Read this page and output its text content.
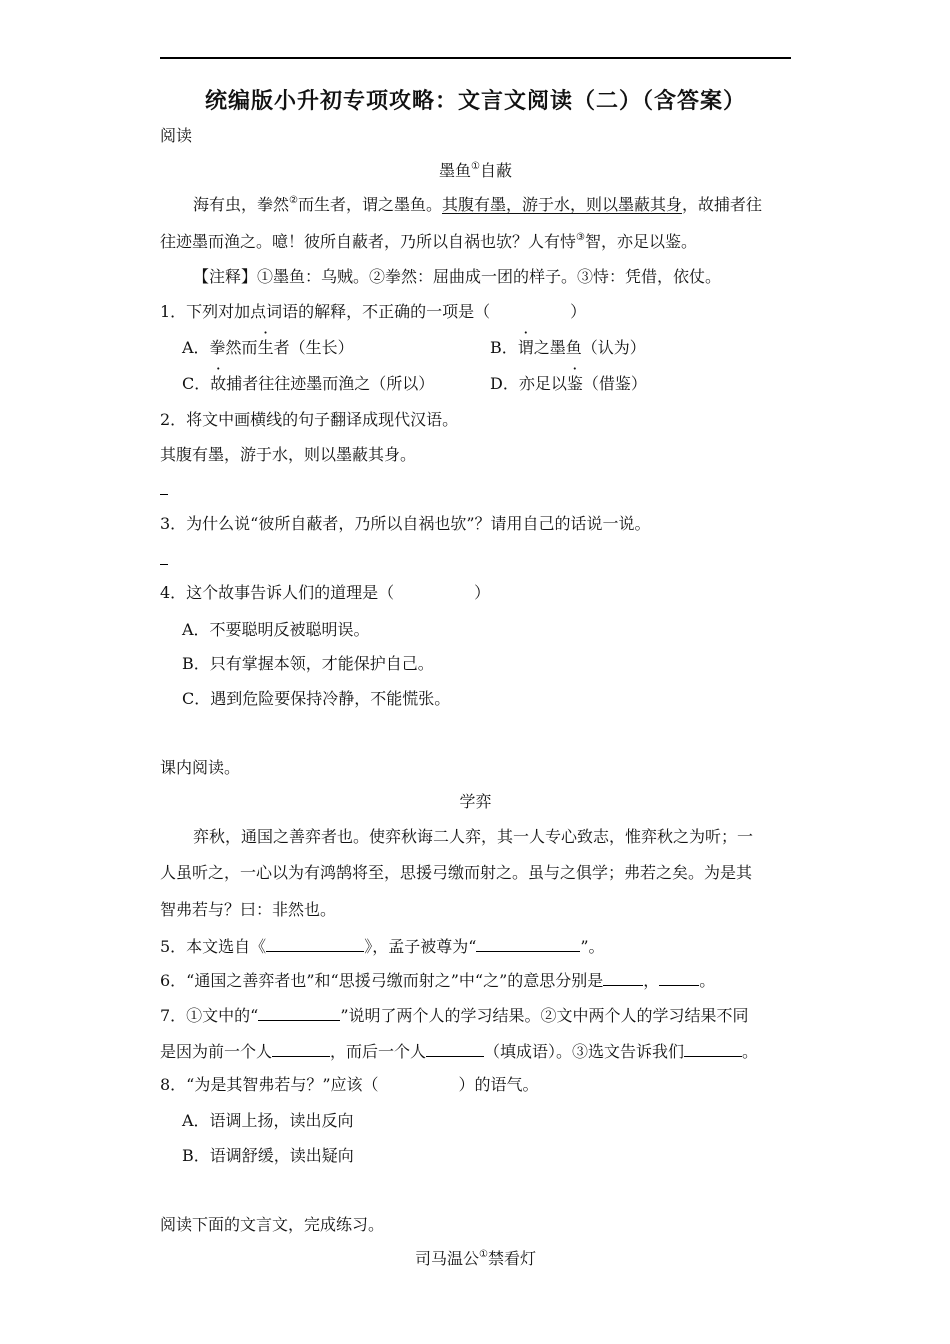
统编版小升初专项攻略：文言文阅读（二）（含答案）
阅读
墨鱼①自蔽
海有虫，拳然②而生者，谓之墨鱼。其腹有墨，游于水，则以墨蔽其身，故捕者往
往迹墨而渔之。噫！彼所自蔽者，乃所以自祸也欤？人有恃③智，亦足以鉴。
【注释】①墨鱼：乌贼。②拳然：屈曲成一团的样子。③恃：凭借，依仗。
1．下列对加点词语的解释，不正确的一项是（　　　　　）
A．拳然而生者（生长）	B．谓之墨鱼（认为）
C．故捕者往往迹墨而渔之（所以）	D．亦足以鉴（借鉴）
2．将文中画横线的句子翻译成现代汉语。
其腹有墨，游于水，则以墨蔽其身。
3．为什么说“彼所自蔽者，乃所以自祸也欤”？请用自己的话说一说。
4．这个故事告诉人们的道理是（　　　　　）
A．不要聪明反被聪明误。
B．只有掌握本领，才能保护自己。
C．遇到危险要保持冷静，不能慌张。
课内阅读。
学弈
弈秋，通国之善弈者也。使弈秋诲二人弈，其一人专心致志，惟弈秋之为听；一
人虽听之，一心以为有鸿鹄将至，思援弓缴而射之。虽与之俱学；弗若之矣。为是其
智弗若与？曰：非然也。
5．本文选自《	》，孟子被尊为“	”。
6．“通国之善弈者也”和“思援弓缴而射之”中“之”的意思分别是	，	。
7．①文中的“	”说明了两个人的学习结果。②文中两个人的学习结果不同
是因为前一个人	，而后一个人	（填成语）。③选文告诉我们	。
8．“为是其智弗若与？”应该（　　　　　）的语气。
A．语调上扬，读出反向
B．语调舒缓，读出疑向
阅读下面的文言文，完成练习。
司马温公①禁看灯
